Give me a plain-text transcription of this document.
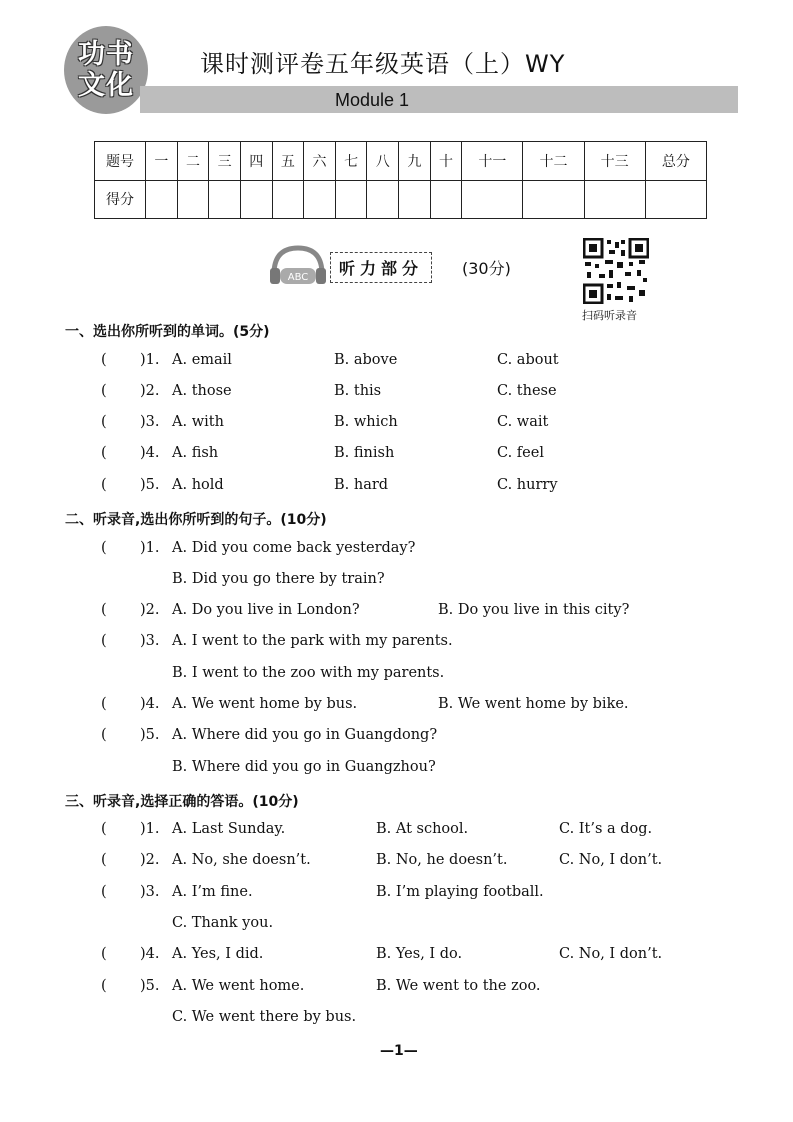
功书
文化
课时测评卷五年级英语（上）WY
Module 1
题号	一	二	三	四	五	六	七	八	九	十	十一	十二	十三	总分
得分														
ABC	听力部分	(30分)
扫码听录音
一、选出你所听到的单词。(5分)
( )1. A. email	B. above	C. about
( )2. A. those	B. this	C. these
( )3. A. with	B. which	C. wait
( )4. A. fish	B. finish	C. feel
( )5. A. hold	B. hard	C. hurry
二、听录音,选出你所听到的句子。(10分)
( )1. A. Did you come back yesterday?
B. Did you go there by train?
( )2. A. Do you live in London?	B. Do you live in this city?
( )3. A. I went to the park with my parents.
B. I went to the zoo with my parents.
( )4. A. We went home by bus.	B. We went home by bike.
( )5. A. Where did you go in Guangdong?
B. Where did you go in Guangzhou?
三、听录音,选择正确的答语。(10分)
( )1. A. Last Sunday.	B. At school.	C. It’s a dog.
( )2. A. No, she doesn’t.	B. No, he doesn’t.	C. No, I don’t.
( )3. A. I’m fine.	B. I’m playing football.
C. Thank you.
( )4. A. Yes, I did.	B. Yes, I do.	C. No, I don’t.
( )5. A. We went home.	B. We went to the zoo.
C. We went there by bus.
—1—
